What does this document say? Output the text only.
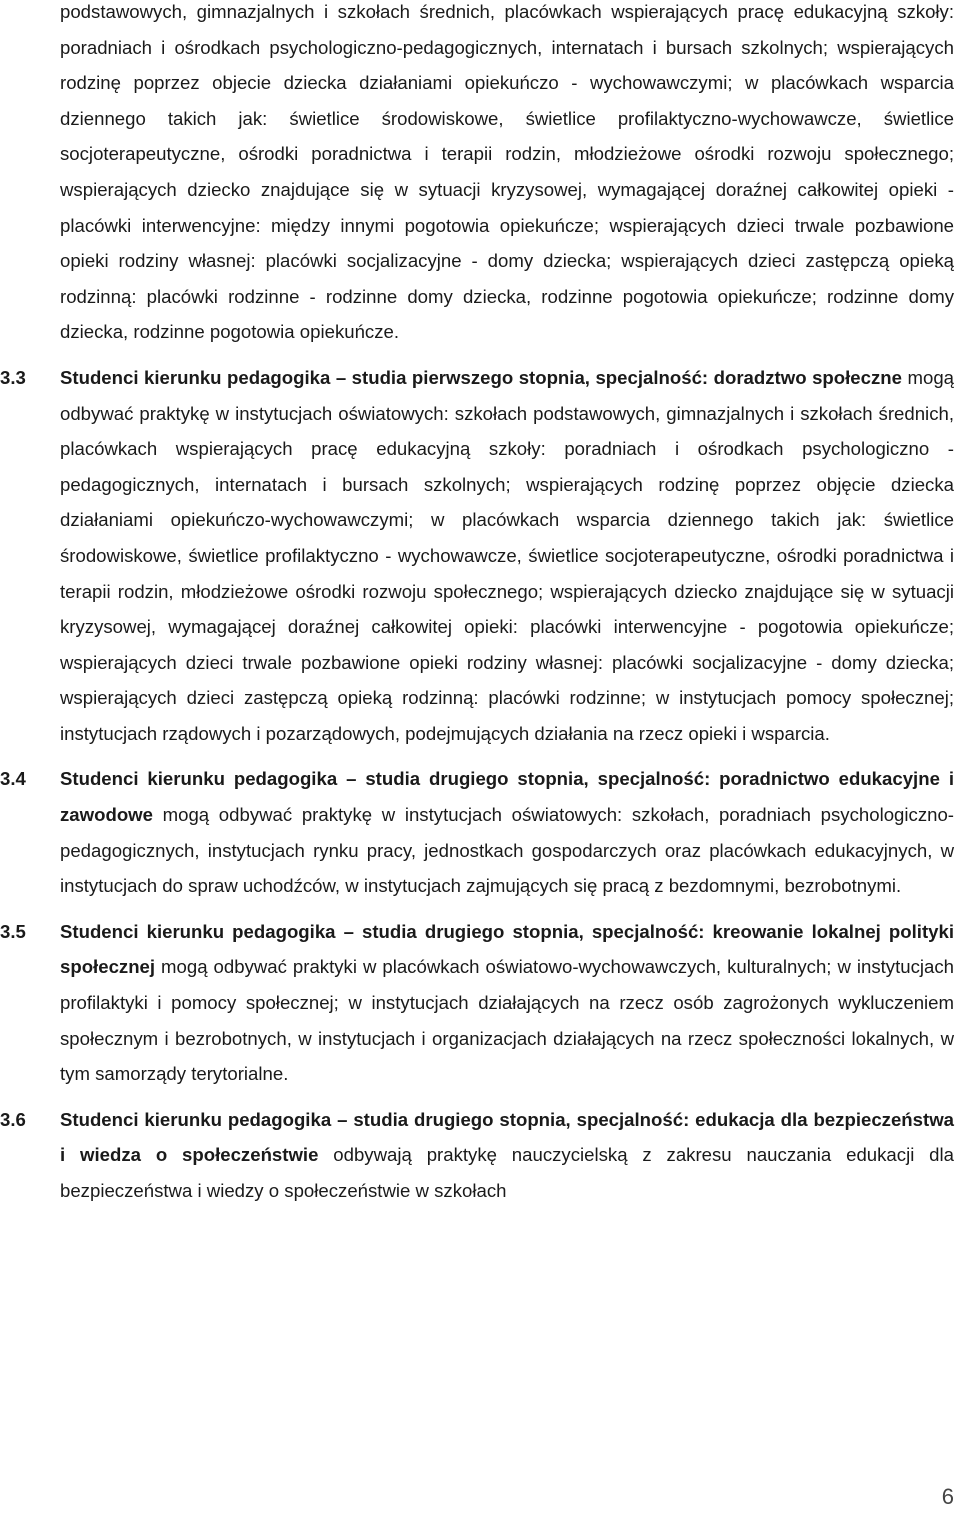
podstawowych, gimnazjalnych i szkołach średnich, placówkach wspierających pracę edukacyjną szkoły: poradniach i ośrodkach psychologiczno-pedagogicznych, internatach i bursach szkolnych; wspierających rodzinę poprzez objecie dziecka działaniami opiekuńczo - wychowawczymi; w placówkach wsparcia dziennego takich jak: świetlice środowiskowe, świetlice profilaktyczno-wychowawcze, świetlice socjoterapeutyczne, ośrodki poradnictwa i terapii rodzin, młodzieżowe ośrodki rozwoju społecznego; wspierających dziecko znajdujące się w sytuacji kryzysowej, wymagającej doraźnej całkowitej opieki - placówki interwencyjne: między innymi pogotowia opiekuńcze; wspierających dzieci trwale pozbawione opieki rodziny własnej: placówki socjalizacyjne - domy dziecka; wspierających dzieci zastępczą opieką rodzinną: placówki rodzinne - rodzinne domy dziecka, rodzinne pogotowia opiekuńcze; rodzinne domy dziecka, rodzinne pogotowia opiekuńcze.

3.3	Studenci kierunku pedagogika – studia pierwszego stopnia, specjalność: doradztwo społeczne mogą odbywać praktykę w instytucjach oświatowych: szkołach podstawowych, gimnazjalnych i szkołach średnich, placówkach wspierających pracę edukacyjną szkoły: poradniach i ośrodkach psychologiczno - pedagogicznych, internatach i bursach szkolnych; wspierających rodzinę poprzez objęcie dziecka działaniami opiekuńczo-wychowawczymi; w placówkach wsparcia dziennego takich jak: świetlice środowiskowe, świetlice profilaktyczno - wychowawcze, świetlice socjoterapeutyczne, ośrodki poradnictwa i terapii rodzin, młodzieżowe ośrodki rozwoju społecznego; wspierających dziecko znajdujące się w sytuacji kryzysowej, wymagającej doraźnej całkowitej opieki: placówki interwencyjne - pogotowia opiekuńcze; wspierających dzieci trwale pozbawione opieki rodziny własnej: placówki socjalizacyjne - domy dziecka; wspierających dzieci zastępczą opieką rodzinną: placówki rodzinne; w instytucjach pomocy społecznej; instytucjach rządowych i pozarządowych, podejmujących działania na rzecz opieki i wsparcia.

3.4	Studenci kierunku pedagogika – studia drugiego stopnia, specjalność: poradnictwo edukacyjne i zawodowe mogą odbywać praktykę w instytucjach oświatowych: szkołach, poradniach psychologiczno-pedagogicznych, instytucjach rynku pracy, jednostkach gospodarczych oraz placówkach edukacyjnych, w instytucjach do spraw uchodźców, w instytucjach zajmujących się pracą z bezdomnymi, bezrobotnymi.

3.5	Studenci kierunku pedagogika – studia drugiego stopnia, specjalność: kreowanie lokalnej polityki społecznej mogą odbywać praktyki w placówkach oświatowo-wychowawczych, kulturalnych; w instytucjach profilaktyki i pomocy społecznej; w instytucjach działających na rzecz osób zagrożonych wykluczeniem społecznym i bezrobotnych, w instytucjach i organizacjach działających na rzecz społeczności lokalnych, w tym samorządy terytorialne.

3.6	Studenci kierunku pedagogika – studia drugiego stopnia, specjalność: edukacja dla bezpieczeństwa i wiedza o społeczeństwie odbywają praktykę nauczycielską z zakresu nauczania edukacji dla bezpieczeństwa i wiedzy o społeczeństwie w szkołach

6
